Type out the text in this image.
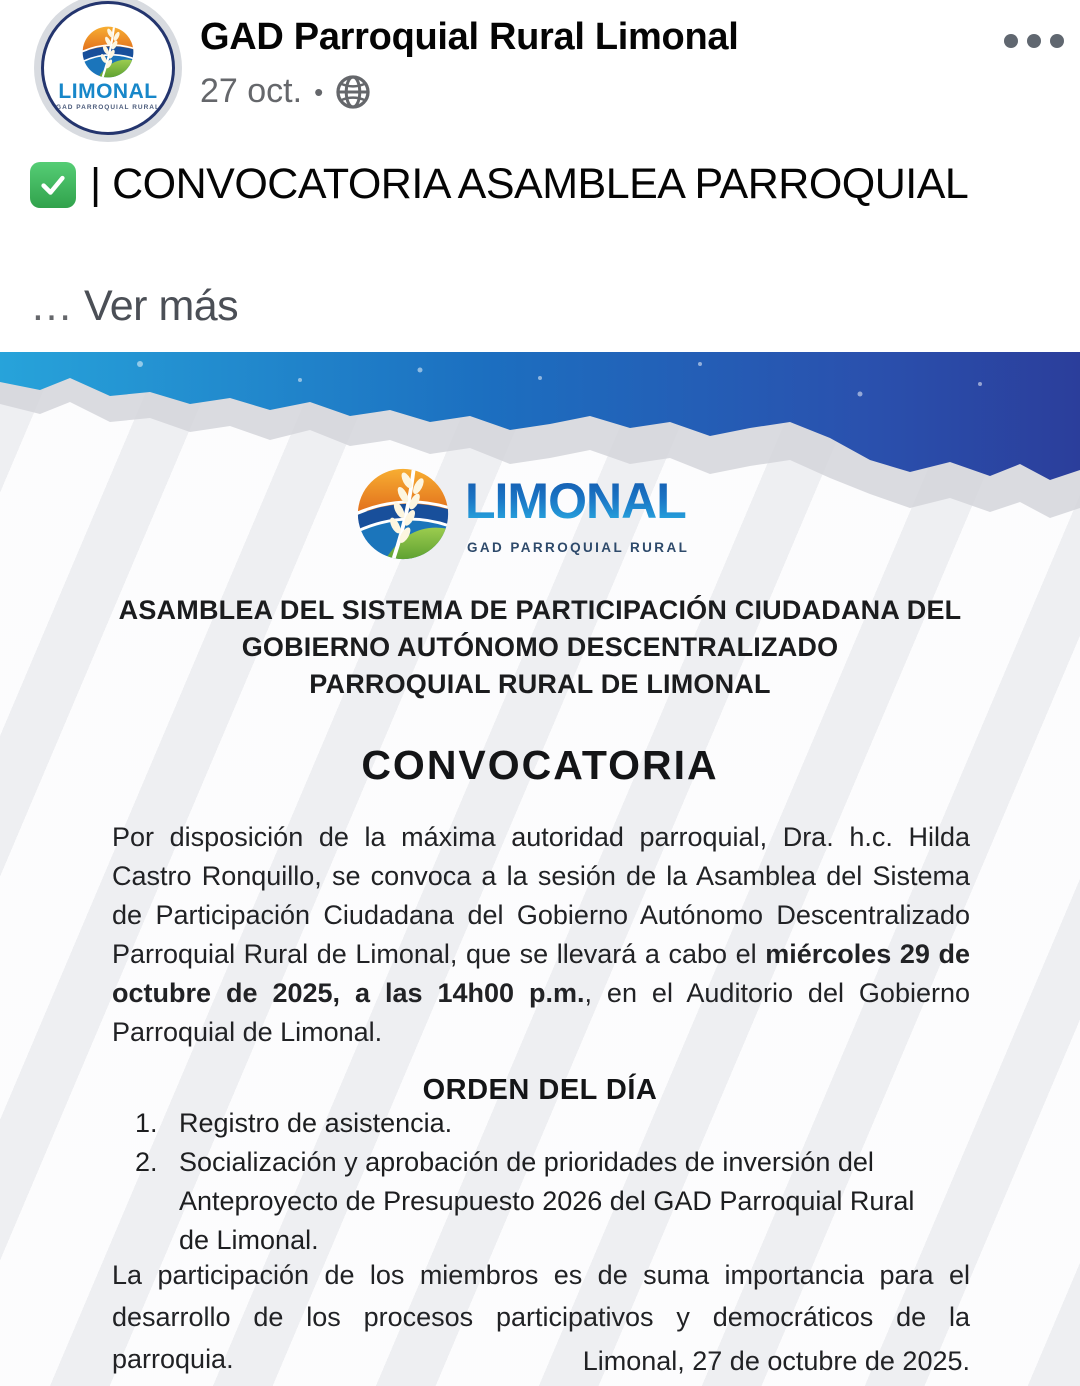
LIMONAL
GAD PARROQUIAL RURAL
GAD Parroquial Rural Limonal
27 oct. •
| CONVOCATORIA ASAMBLEA PARROQUIAL
… Ver más
LIMONAL
GAD PARROQUIAL RURAL
ASAMBLEA DEL SISTEMA DE PARTICIPACIÓN CIUDADANA DEL
GOBIERNO AUTÓNOMO DESCENTRALIZADO
PARROQUIAL RURAL DE LIMONAL
CONVOCATORIA
Por disposición de la máxima autoridad parroquial, Dra. h.c. Hilda Castro Ronquillo, se convoca a la sesión de la Asamblea del Sistema de Participación Ciudadana del Gobierno Autónomo Descentralizado Parroquial Rural de Limonal, que se llevará a cabo el miércoles 29 de octubre de 2025, a las 14h00 p.m., en el Auditorio del Gobierno Parroquial de Limonal.
ORDEN DEL DÍA
1. Registro de asistencia.
2. Socialización y aprobación de prioridades de inversión del Anteproyecto de Presupuesto 2026 del GAD Parroquial Rural de Limonal.
La participación de los miembros es de suma importancia para el desarrollo de los procesos participativos y democráticos de la parroquia.	Limonal, 27 de octubre de 2025.
